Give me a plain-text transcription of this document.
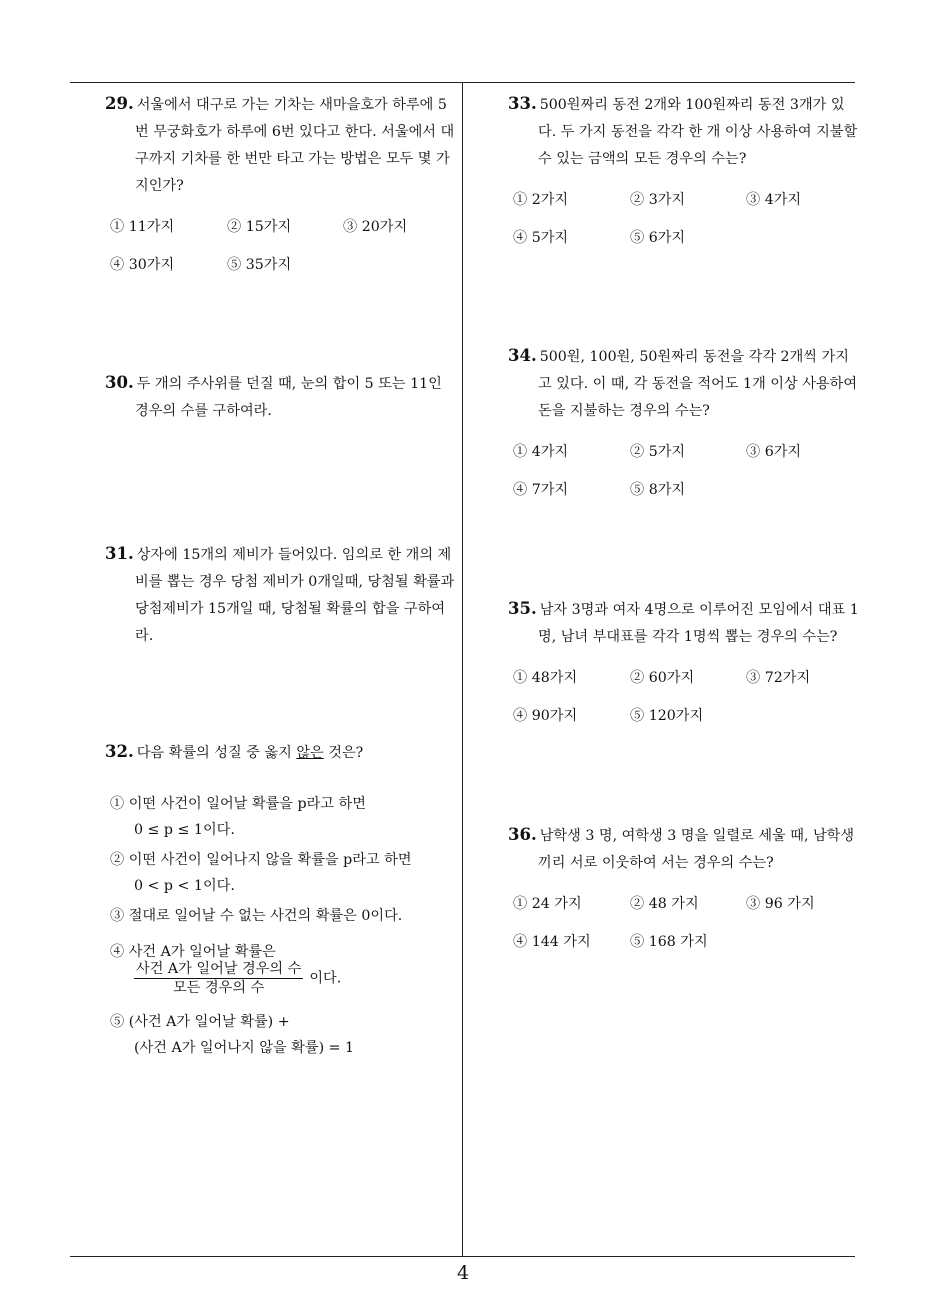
29. 서울에서 대구로 가는 기차는 새마을호가 하루에 5번 무궁화호가 하루에 6번 있다고 한다. 서울에서 대구까지 기차를 한 번만 타고 가는 방법은 모두 몇 가지인가?

① 11가지	② 15가지	③ 20가지
④ 30가지	⑤ 35가지

30. 두 개의 주사위를 던질 때, 눈의 합이 5 또는 11인 경우의 수를 구하여라.

31. 상자에 15개의 제비가 들어있다. 임의로 한 개의 제비를 뽑는 경우 당첨 제비가 0개일때, 당첨될 확률과 당첨제비가 15개일 때, 당첨될 확률의 합을 구하여라.

32. 다음 확률의 성질 중 옳지 않은 것은?

① 이떤 사건이 일어날 확률을 p라고 하면
0 ≤ p ≤ 1이다.
② 이떤 사건이 일어나지 않을 확률을 p라고 하면
0 < p < 1이다.
③ 절대로 일어날 수 없는 사건의 확률은 0이다.
④ 사건 A가 일어날 확률은
$\frac{\text{사건 A가 일어날 경우의 수}}{\text{모든 경우의 수}}$ 이다.
⑤ (사건 A가 일어날 확률) +
(사건 A가 일어나지 않을 확률) = 1

33. 500원짜리 동전 2개와 100원짜리 동전 3개가 있다. 두 가지 동전을 각각 한 개 이상 사용하여 지불할 수 있는 금액의 모든 경우의 수는?

① 2가지	② 3가지	③ 4가지
④ 5가지	⑤ 6가지

34. 500원, 100원, 50원짜리 동전을 각각 2개씩 가지고 있다. 이 때, 각 동전을 적어도 1개 이상 사용하여 돈을 지불하는 경우의 수는?

① 4가지	② 5가지	③ 6가지
④ 7가지	⑤ 8가지

35. 남자 3명과 여자 4명으로 이루어진 모임에서 대표 1명, 남녀 부대표를 각각 1명씩 뽑는 경우의 수는?

① 48가지	② 60가지	③ 72가지
④ 90가지	⑤ 120가지

36. 남학생 3 명, 여학생 3 명을 일렬로 세울 때, 남학생끼리 서로 이웃하여 서는 경우의 수는?

① 24 가지	② 48 가지	③ 96 가지
④ 144 가지	⑤ 168 가지
4
